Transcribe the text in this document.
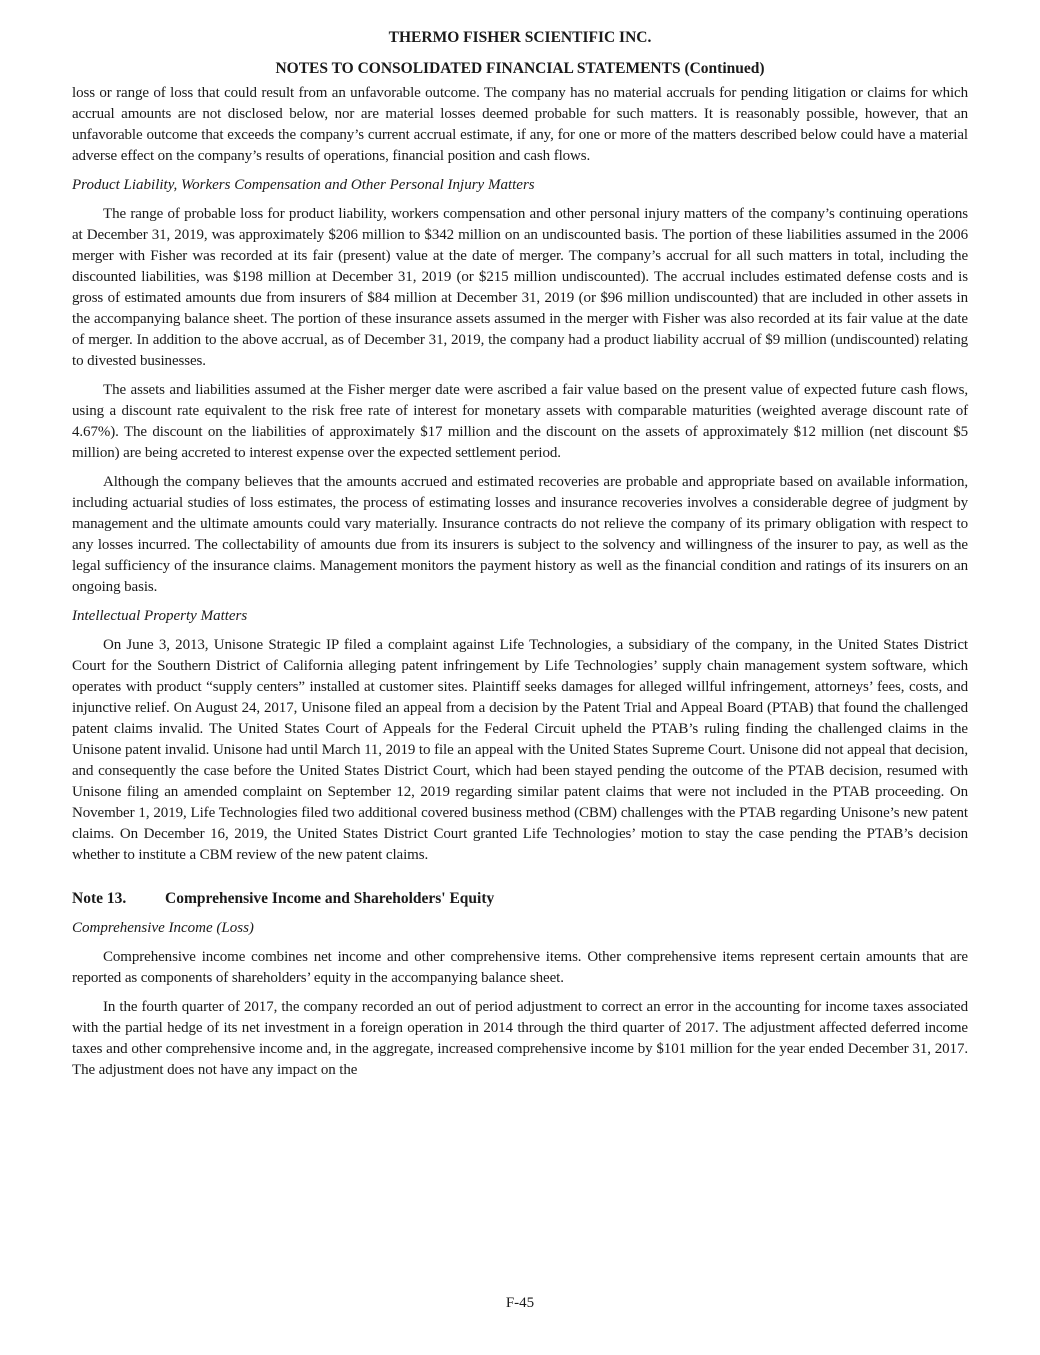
THERMO FISHER SCIENTIFIC INC.

NOTES TO CONSOLIDATED FINANCIAL STATEMENTS (Continued)

loss or range of loss that could result from an unfavorable outcome. The company has no material accruals for pending litigation or claims for which accrual amounts are not disclosed below, nor are material losses deemed probable for such matters. It is reasonably possible, however, that an unfavorable outcome that exceeds the company’s current accrual estimate, if any, for one or more of the matters described below could have a material adverse effect on the company’s results of operations, financial position and cash flows.

Product Liability, Workers Compensation and Other Personal Injury Matters

The range of probable loss for product liability, workers compensation and other personal injury matters of the company’s continuing operations at December 31, 2019, was approximately $206 million to $342 million on an undiscounted basis. The portion of these liabilities assumed in the 2006 merger with Fisher was recorded at its fair (present) value at the date of merger. The company’s accrual for all such matters in total, including the discounted liabilities, was $198 million at December 31, 2019 (or $215 million undiscounted). The accrual includes estimated defense costs and is gross of estimated amounts due from insurers of $84 million at December 31, 2019 (or $96 million undiscounted) that are included in other assets in the accompanying balance sheet. The portion of these insurance assets assumed in the merger with Fisher was also recorded at its fair value at the date of merger. In addition to the above accrual, as of December 31, 2019, the company had a product liability accrual of $9 million (undiscounted) relating to divested businesses.

The assets and liabilities assumed at the Fisher merger date were ascribed a fair value based on the present value of expected future cash flows, using a discount rate equivalent to the risk free rate of interest for monetary assets with comparable maturities (weighted average discount rate of 4.67%). The discount on the liabilities of approximately $17 million and the discount on the assets of approximately $12 million (net discount $5 million) are being accreted to interest expense over the expected settlement period.

Although the company believes that the amounts accrued and estimated recoveries are probable and appropriate based on available information, including actuarial studies of loss estimates, the process of estimating losses and insurance recoveries involves a considerable degree of judgment by management and the ultimate amounts could vary materially. Insurance contracts do not relieve the company of its primary obligation with respect to any losses incurred. The collectability of amounts due from its insurers is subject to the solvency and willingness of the insurer to pay, as well as the legal sufficiency of the insurance claims. Management monitors the payment history as well as the financial condition and ratings of its insurers on an ongoing basis.

Intellectual Property Matters

On June 3, 2013, Unisone Strategic IP filed a complaint against Life Technologies, a subsidiary of the company, in the United States District Court for the Southern District of California alleging patent infringement by Life Technologies’ supply chain management system software, which operates with product “supply centers” installed at customer sites. Plaintiff seeks damages for alleged willful infringement, attorneys’ fees, costs, and injunctive relief. On August 24, 2017, Unisone filed an appeal from a decision by the Patent Trial and Appeal Board (PTAB) that found the challenged patent claims invalid. The United States Court of Appeals for the Federal Circuit upheld the PTAB’s ruling finding the challenged claims in the Unisone patent invalid. Unisone had until March 11, 2019 to file an appeal with the United States Supreme Court. Unisone did not appeal that decision, and consequently the case before the United States District Court, which had been stayed pending the outcome of the PTAB decision, resumed with Unisone filing an amended complaint on September 12, 2019 regarding similar patent claims that were not included in the PTAB proceeding. On November 1, 2019, Life Technologies filed two additional covered business method (CBM) challenges with the PTAB regarding Unisone’s new patent claims. On December 16, 2019, the United States District Court granted Life Technologies’ motion to stay the case pending the PTAB’s decision whether to institute a CBM review of the new patent claims.

Note 13.	Comprehensive Income and Shareholders' Equity

Comprehensive Income (Loss)

Comprehensive income combines net income and other comprehensive items. Other comprehensive items represent certain amounts that are reported as components of shareholders’ equity in the accompanying balance sheet.

In the fourth quarter of 2017, the company recorded an out of period adjustment to correct an error in the accounting for income taxes associated with the partial hedge of its net investment in a foreign operation in 2014 through the third quarter of 2017. The adjustment affected deferred income taxes and other comprehensive income and, in the aggregate, increased comprehensive income by $101 million for the year ended December 31, 2017. The adjustment does not have any impact on the

F-45
